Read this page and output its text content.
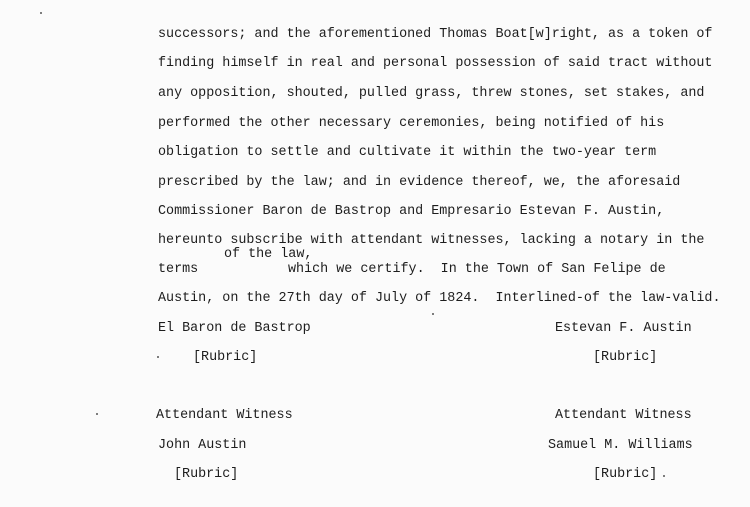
successors; and the aforementioned Thomas Boat[w]right, as a token of
finding himself in real and personal possession of said tract without
any opposition, shouted, pulled grass, threw stones, set stakes, and
performed the other necessary ceremonies, being notified of his
obligation to settle and cultivate it within the two-year term
prescribed by the law; and in evidence thereof, we, the aforesaid
Commissioner Baron de Bastrop and Empresario Estevan F. Austin,
hereunto subscribe with attendant witnesses, lacking a notary in the
of the law,
terms	which we certify.  In the Town of San Felipe de
Austin, on the 27th day of July of 1824.  Interlined-of the law-valid.
El Baron de Bastrop	Estevan F. Austin
[Rubric]	[Rubric]
Attendant Witness	Attendant Witness
John Austin	Samuel M. Williams
[Rubric]	[Rubric]
